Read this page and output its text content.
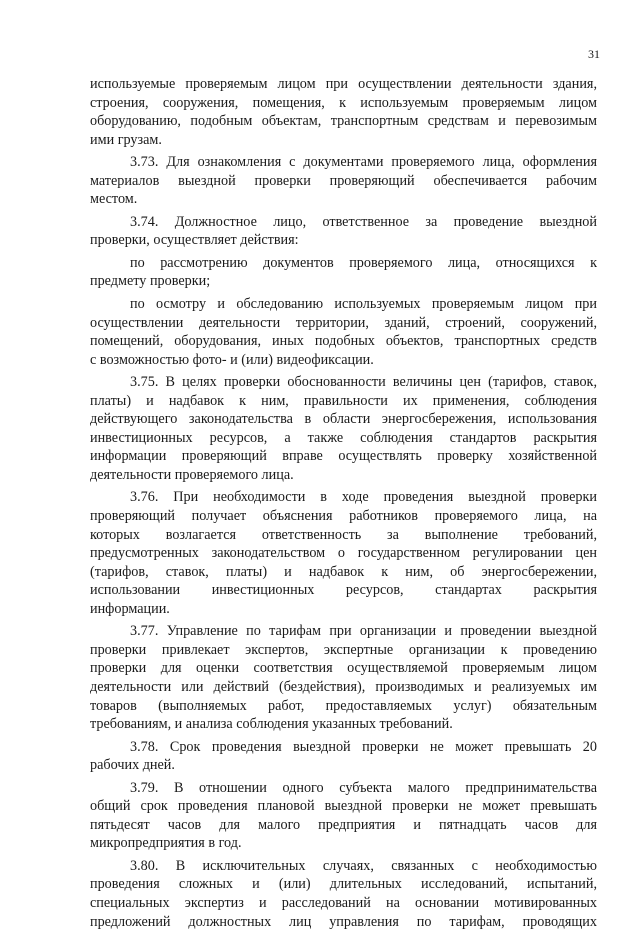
31
используемые проверяемым лицом при осуществлении деятельности здания,
строения, сооружения, помещения, к используемым проверяемым лицом
оборудованию, подобным объектам, транспортным средствам и перевозимым
ими грузам.
3.73. Для ознакомления с документами проверяемого лица, оформления
материалов выездной проверки проверяющий обеспечивается рабочим
местом.
3.74. Должностное лицо, ответственное за проведение выездной
проверки, осуществляет действия:
по рассмотрению документов проверяемого лица, относящихся к
предмету проверки;
по осмотру и обследованию используемых проверяемым лицом при
осуществлении деятельности территории, зданий, строений, сооружений,
помещений, оборудования, иных подобных объектов, транспортных средств
с возможностью фото- и (или) видеофиксации.
3.75. В целях проверки обоснованности величины цен (тарифов, ставок,
платы) и надбавок к ним, правильности их применения, соблюдения
действующего законодательства в области энергосбережения, использования
инвестиционных ресурсов, а также соблюдения стандартов раскрытия
информации проверяющий вправе осуществлять проверку хозяйственной
деятельности проверяемого лица.
3.76. При необходимости в ходе проведения выездной проверки
проверяющий получает объяснения работников проверяемого лица, на
которых возлагается ответственность за выполнение требований,
предусмотренных законодательством о государственном регулировании цен
(тарифов, ставок, платы) и надбавок к ним, об энергосбережении,
использовании инвестиционных ресурсов, стандартах раскрытия
информации.
3.77. Управление по тарифам при организации и проведении выездной
проверки привлекает экспертов, экспертные организации к проведению
проверки для оценки соответствия осуществляемой проверяемым лицом
деятельности или действий (бездействия), производимых и реализуемых им
товаров (выполняемых работ, предоставляемых услуг) обязательным
требованиям, и анализа соблюдения указанных требований.
3.78. Срок проведения выездной проверки не может превышать 20
рабочих дней.
3.79. В отношении одного субъекта малого предпринимательства
общий срок проведения плановой выездной проверки не может превышать
пятьдесят часов для малого предприятия и пятнадцать часов для
микропредприятия в год.
3.80. В исключительных случаях, связанных с необходимостью
проведения сложных и (или) длительных исследований, испытаний,
специальных экспертиз и расследований на основании мотивированных
предложений должностных лиц управления по тарифам, проводящих
